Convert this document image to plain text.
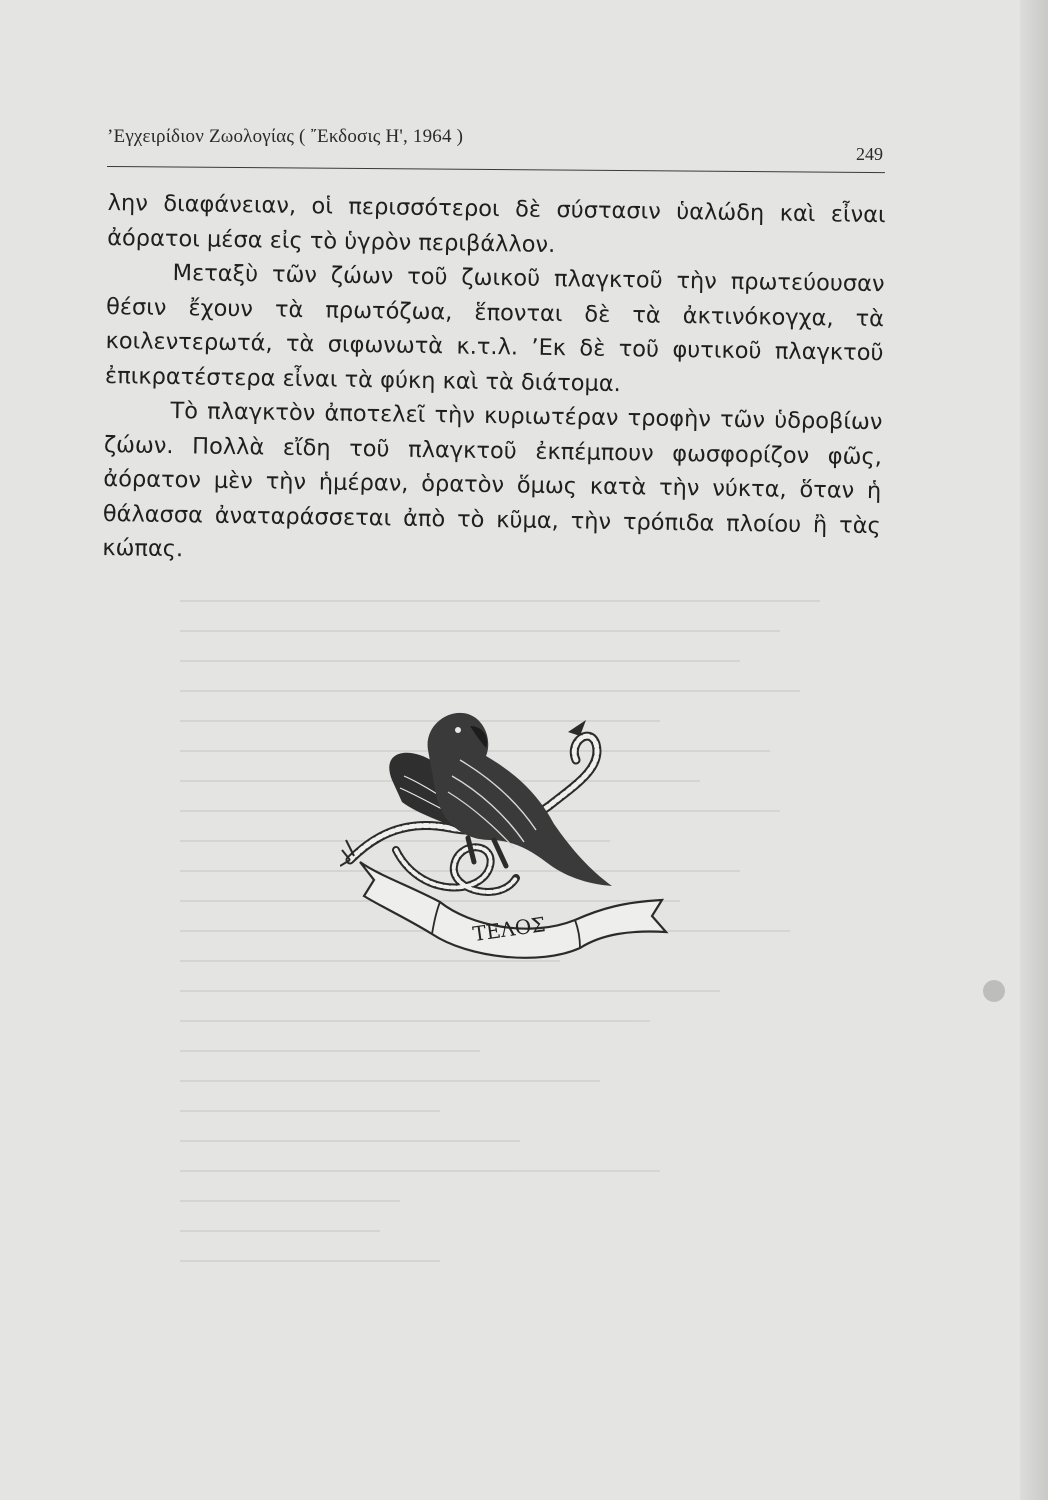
’Εγχειρίδιον Ζωολογίας ( ῎Εκδοσις Η', 1964 )
249

λην διαφάνειαν, οἱ περισσότεροι δὲ σύστασιν ὑαλώδη καὶ εἶναι ἀόρατοι μέσα εἰς τὸ ὑγρὸν περιβάλλον.

Μεταξὺ τῶν ζώων τοῦ ζωικοῦ πλαγκτοῦ τὴν πρωτεύουσαν θέσιν ἔχουν τὰ πρωτόζωα, ἕπονται δὲ τὰ ἀκτινόκογχα, τὰ κοιλεντερωτά, τὰ σιφωνωτὰ κ.τ.λ. ’Εκ δὲ τοῦ φυτικοῦ πλαγκτοῦ ἐπικρατέστερα εἶναι τὰ φύκη καὶ τὰ διάτομα.

Τὸ πλαγκτὸν ἀποτελεῖ τὴν κυριωτέραν τροφὴν τῶν ὑδροβίων ζώων. Πολλὰ εἴδη τοῦ πλαγκτοῦ ἐκπέμπουν φωσφορίζον φῶς, ἀόρατον μὲν τὴν ἡμέραν, ὁρατὸν ὅμως κατὰ τὴν νύκτα, ὅταν ἡ θάλασσα ἀναταράσσεται ἀπὸ τὸ κῦμα, τὴν τρόπιδα πλοίου ἢ τὰς κώπας.

ΤΕΛΟΣ
